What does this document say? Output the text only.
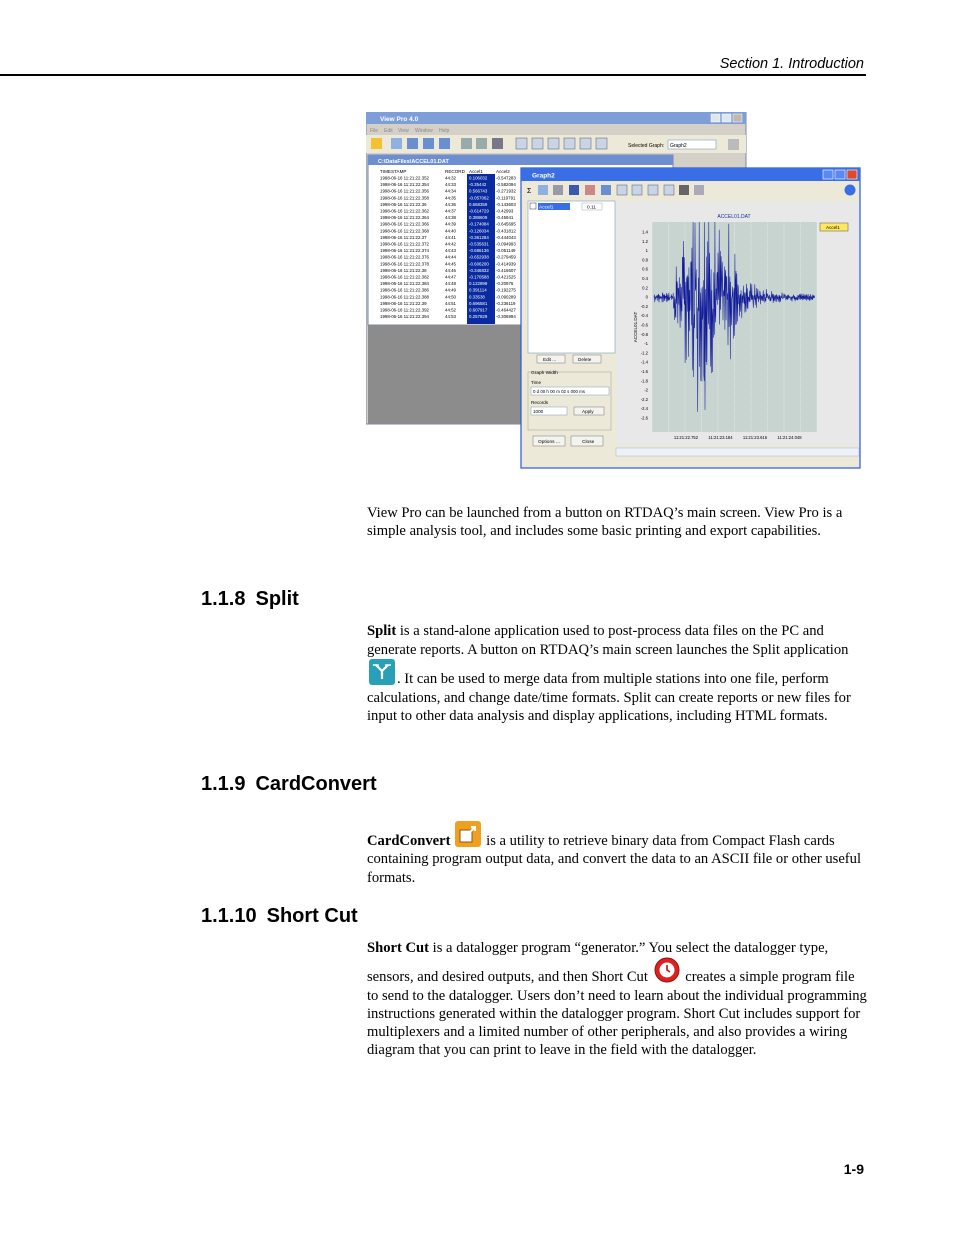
Section 1. Introduction
View Pro 4.0
File Edit View Window Help
Selected Graph: Graph2
C:\DataFiles\ACCEL01.DAT
TIMESTAMP	RECORD Accel1	Accel2
1998-06-16 11:21:22.352	44:32	0.106032 -0.547283
1998-06-16 11:21:22.354	44:33	-0.35442 -0.582094
1998-06-16 11:21:22.356	44:34	0.566743 -0.271932
1998-06-16 11:21:22.358	44:35	-0.057062 -0.119791
1998-06-16 11:21:22.36	44:36	0.668359 -0.143603
1998-06-16 11:21:22.362	44:37	-0.614729 -0.42993
1998-06-16 11:21:22.364	44:38	0.388609 -0.45941
1998-06-16 11:21:22.366	44:39	-0.174084 -0.645695
1998-06-16 11:21:22.368	44:40	-0.126034 -0.431812
1998-06-16 11:21:22.37	44:41	-0.361284 -0.444043
1998-06-16 11:21:22.372	44:42	-0.535631 -0.094993
1998-06-16 11:21:22.374	44:43	-0.686136 -0.051149
1998-06-16 11:21:22.376	44:44	-0.652938 -0.279459
1998-06-16 11:21:22.378	44:45	-0.606200 -0.414939
1998-06-16 11:21:22.38	44:46	-0.346832 -0.416507
1998-06-16 11:21:22.382	44:47	-0.170588 -0.421525
1998-06-16 11:21:22.384	44:48	0.122899 -0.20976
1998-06-16 11:21:22.386	44:49	0.391114 -0.192275
1998-06-16 11:21:22.388	44:50	0.33538	-0.090289
1998-06-16 11:21:22.39	44:51	0.696581 -0.236119
1998-06-16 11:21:22.392	44:52	0.607917 -0.464427
1998-06-16 11:21:22.394	44:53	0.257829 -0.306994
Graph2
Σ
Accel1	0.11
Edit ...	Delete
Graph Width
Time
0 d 00 h 00 m 02 s 000 ms
Records
1000	Apply
Options ...	Close
ACCEL01.DAT
1.4
1.2
1
0.8
0.6
0.4
0.2
0
-0.2
-0.4
-0.6
-0.8
-1
-1.2
-1.4
-1.6
-1.8
-2
-2.2
-2.4
-2.6
11:21:22.752 11:21:23.184 11:21:23.616 11:21:24.048
ACCEL01.DAT
Accel1
View Pro can be launched from a button on RTDAQ’s main screen. View Pro is a simple analysis tool, and includes some basic printing and export capabilities.
1.1.8 Split
Split is a stand-alone application used to post-process data files on the PC and generate reports. A button on RTDAQ’s main screen launches the Split application . It can be used to merge data from multiple stations into one file, perform calculations, and change date/time formats. Split can create reports or new files for input to other data analysis and display applications, including HTML formats.
1.1.9 CardConvert
CardConvert is a utility to retrieve binary data from Compact Flash cards containing program output data, and convert the data to an ASCII file or other useful formats.
1.1.10 Short Cut
Short Cut is a datalogger program “generator.” You select the datalogger type, sensors, and desired outputs, and then Short Cut  creates a simple program file to send to the datalogger. Users don’t need to learn about the individual programming instructions generated within the datalogger program. Short Cut includes support for multiplexers and a limited number of other peripherals, and also provides a wiring diagram that you can print to leave in the field with the datalogger.
1-9
